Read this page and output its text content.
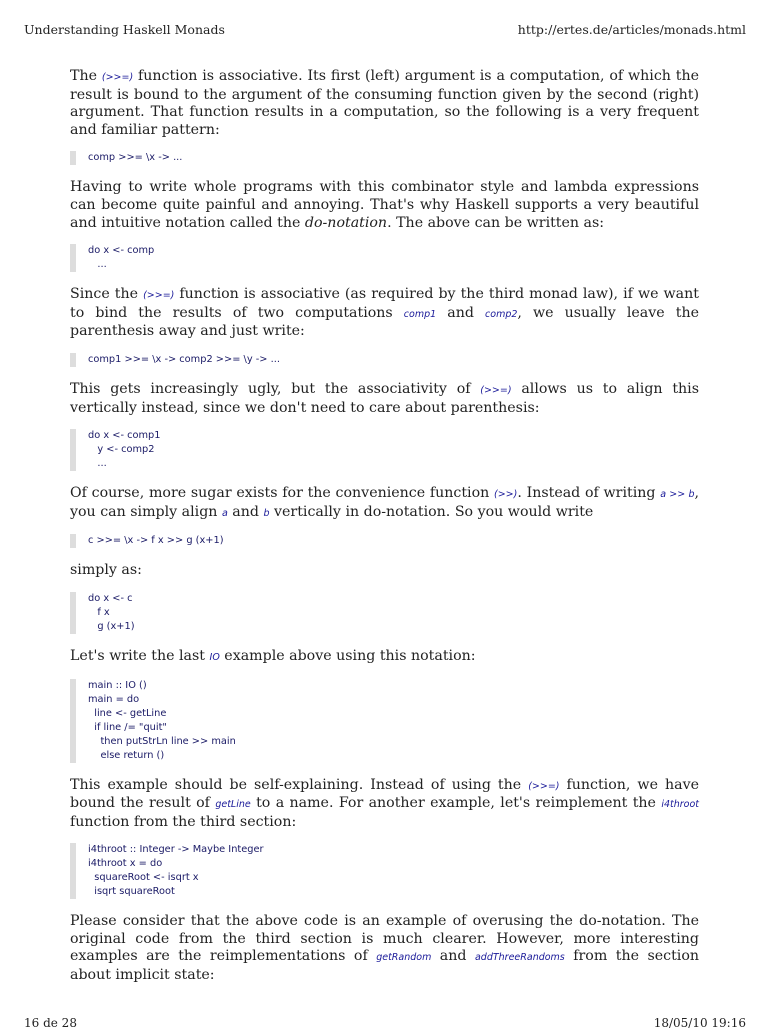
Understanding Haskell Monads	http://ertes.de/articles/monads.html

The (>>=) function is associative. Its first (left) argument is a computation, of which the result is bound to the argument of the consuming function given by the second (right) argument. That function results in a computation, so the following is a very frequent and familiar pattern:

comp >>= \x -> ...

Having to write whole programs with this combinator style and lambda expressions can become quite painful and annoying. That's why Haskell supports a very beautiful and intuitive notation called the do-notation. The above can be written as:

do x <- comp
...

Since the (>>=) function is associative (as required by the third monad law), if we want to bind the results of two computations comp1 and comp2, we usually leave the parenthesis away and just write:

comp1 >>= \x -> comp2 >>= \y -> ...

This gets increasingly ugly, but the associativity of (>>=) allows us to align this vertically instead, since we don't need to care about parenthesis:

do x <- comp1
y <- comp2
...

Of course, more sugar exists for the convenience function (>>). Instead of writing a >> b, you can simply align a and b vertically in do-notation. So you would write

c >>= \x -> f x >> g (x+1)

simply as:

do x <- c
f x
g (x+1)

Let's write the last IO example above using this notation:

main :: IO ()
main = do
line <- getLine
if line /= "quit"
then putStrLn line >> main
else return ()

This example should be self-explaining. Instead of using the (>>=) function, we have bound the result of getLine to a name. For another example, let's reimplement the i4throot function from the third section:

i4throot :: Integer -> Maybe Integer
i4throot x = do
squareRoot <- isqrt x
isqrt squareRoot

Please consider that the above code is an example of overusing the do-notation. The original code from the third section is much clearer. However, more interesting examples are the reimplementations of getRandom and addThreeRandoms from the section about implicit state:

16 de 28	18/05/10 19:16
